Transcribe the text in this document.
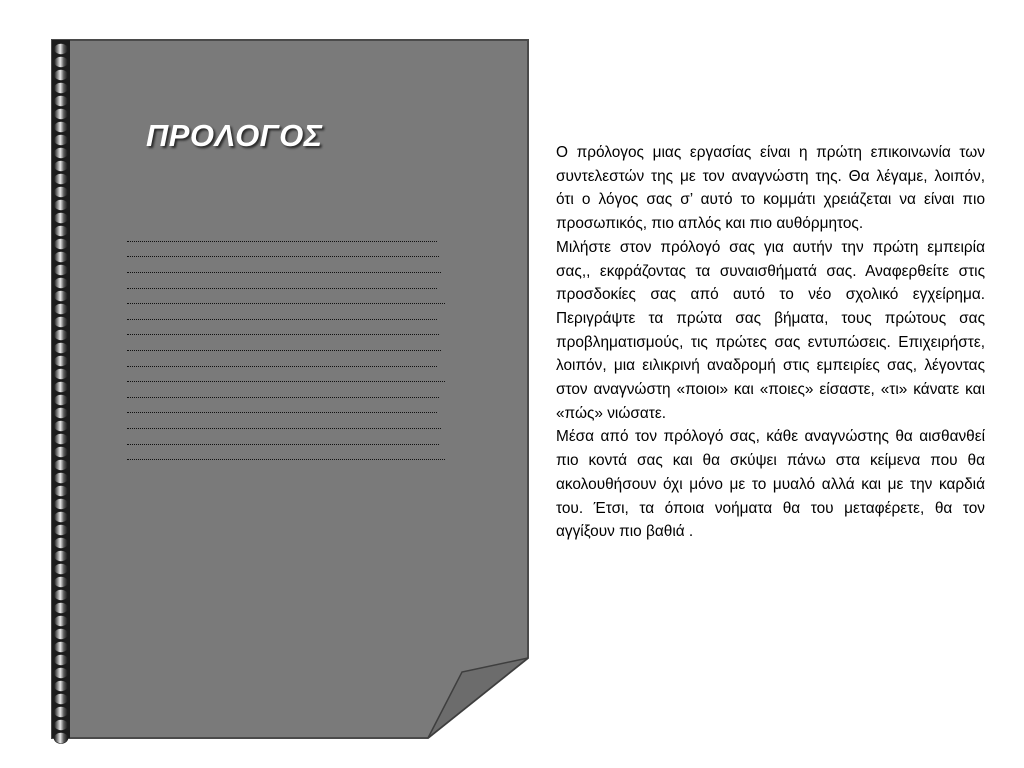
ΠΡΟΛΟΓΟΣ	Ο πρόλογος μιας εργασίας είναι η πρώτη επικοινωνία των συντελεστών της με τον αναγνώστη της. Θα λέγαμε, λοιπόν, ότι ο λόγος σας σ’ αυτό το κομμάτι χρειάζεται να είναι πιο προσωπικός, πιο απλός και πιο αυθόρμητος.

Μιλήστε στον πρόλογό σας για αυτήν την πρώτη εμπειρία σας,, εκφράζοντας τα συναισθήματά σας. Αναφερθείτε στις προσδοκίες σας από αυτό το νέο σχολικό εγχείρημα. Περιγράψτε τα πρώτα σας βήματα, τους πρώτους σας προβληματισμούς, τις πρώτες σας εντυπώσεις. Επιχειρήστε, λοιπόν, μια ειλικρινή αναδρομή στις εμπειρίες σας, λέγοντας στον αναγνώστη «ποιοι» και «ποιες» είσαστε, «τι» κάνατε και «πώς» νιώσατε.

Μέσα από τον πρόλογό σας, κάθε αναγνώστης θα αισθανθεί πιο κοντά σας και θα σκύψει πάνω στα κείμενα που θα ακολουθήσουν όχι μόνο με το μυαλό αλλά και με την καρδιά του. Έτσι, τα όποια νοήματα θα του μεταφέρετε, θα τον αγγίξουν πιο βαθιά .
